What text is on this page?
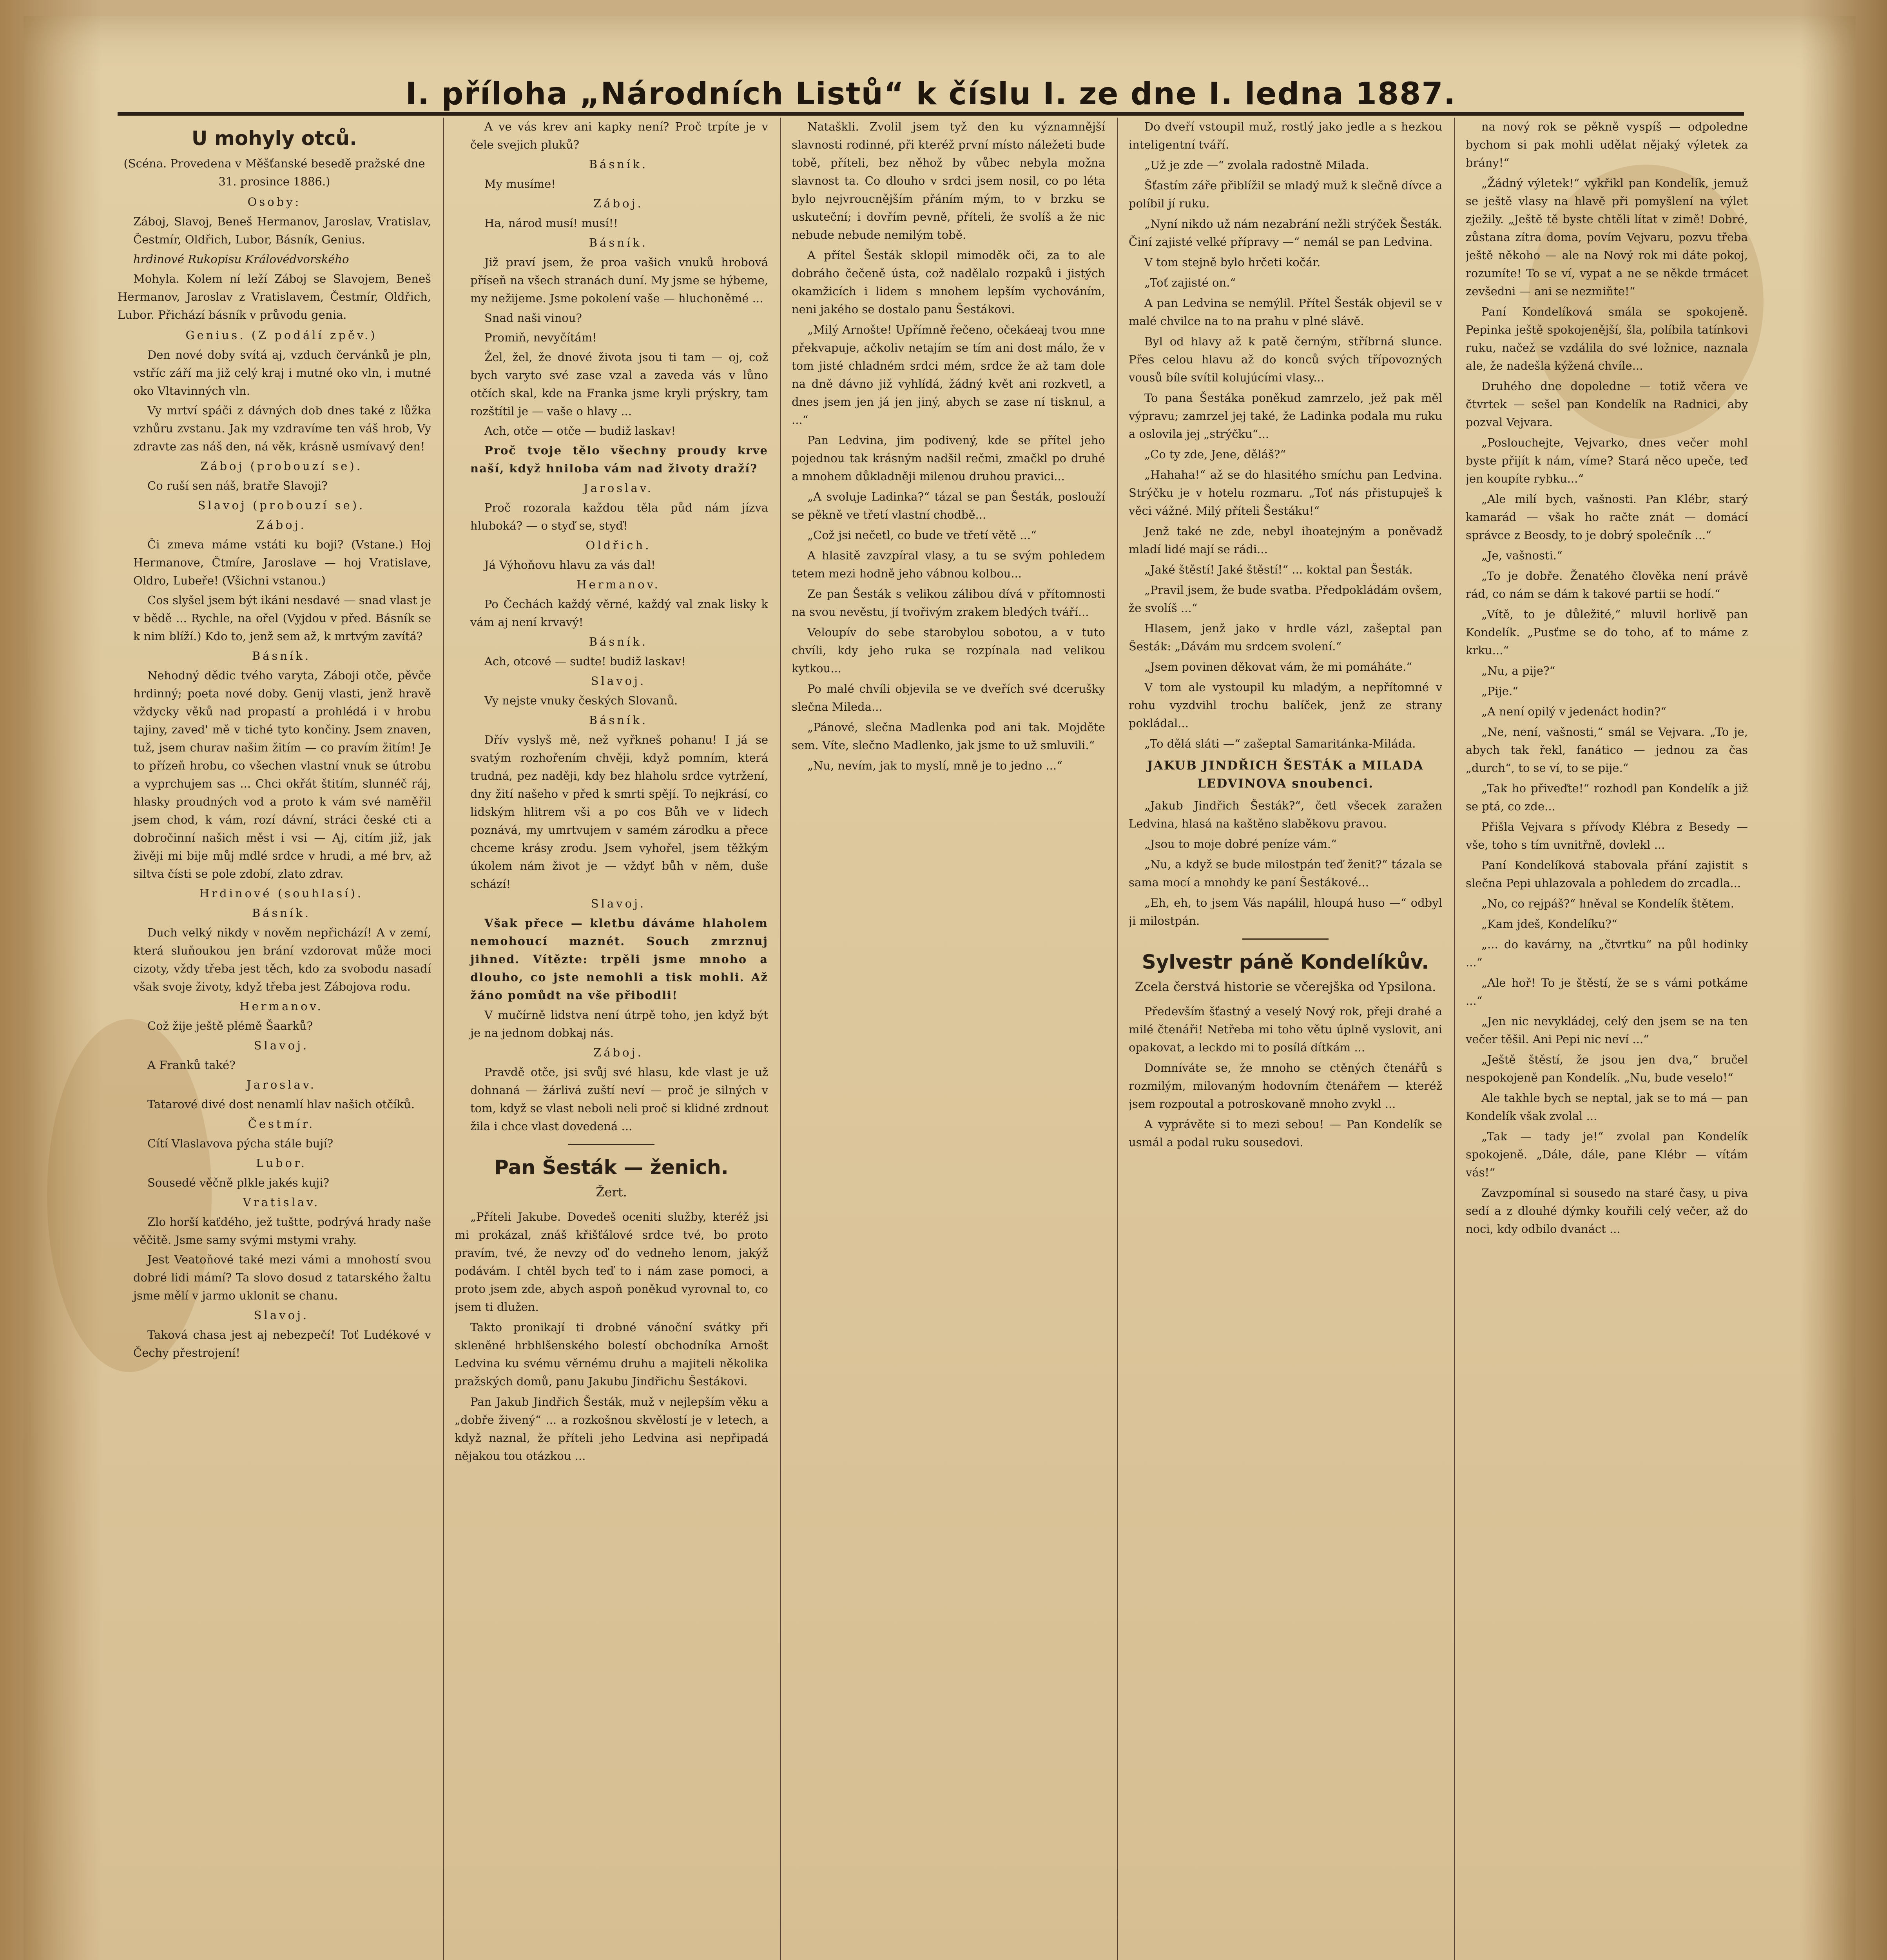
I. příloha „Národních Listů“ k číslu I. ze dne I. ledna 1887.
U mohyly otců.
(Scéna. Provedena v Měšťanské besedě pražské dne 31. prosince 1886.)
Osoby:
Záboj, Slavoj, Beneš Hermanov, Jaroslav, Vratislav, Čestmír, Oldřich, Lubor, Básník, Genius.
hrdinové Rukopisu Královédvorského
Mohyla. Kolem ní leží Záboj se Slavojem, Beneš Hermanov, Jaroslav z Vratislavem, Čestmír, Oldřich, Lubor. Přichází básník v průvodu genia.

Genius. (Z podálí zpěv.)

Den nové doby svítá aj, vzduch červánků je pln, vstříc září ma již celý kraj i mutné oko vln, i mutné oko Vltavinných vln.

Vy mrtví spáči z dávných dob dnes také z lůžka vzhůru zvstanu. Jak my vzdravíme ten váš hrob, Vy zdravte zas náš den, ná věk, krásně usmívavý den!

Záboj (probouzí se).

Co ruší sen náš, bratře Slavoji?

Slavoj (probouzí se).

Záboj.

Či zmeva máme vstáti ku boji? (Vstane.) Hoj Hermanove, Čtmíre, Jaroslave — hoj Vratislave, Oldro, Lubeře! (Všichni vstanou.)

Cos slyšel jsem být ikáni nesdavé — snad vlast je v bědě ... Rychle, na ořel (Vyjdou v před. Básník se k nim blíží.) Kdo to, jenž sem až, k mrtvým zavítá?

Básník.

Nehodný dědic tvého varyta, Záboji otče, pěvče hrdinný; poeta nové doby. Genij vlasti, jenž hravě vždycky věků nad propastí a prohlédá i v hrobu tajiny, zaved' mě v tiché tyto končiny. Jsem znaven, tuž, jsem churav našim žitím — co pravím žitím! Je to přízeň hrobu, co všechen vlastní vnuk se útrobu a vyprchujem sas ... Chci okřát štitím, slunnéč ráj, hlasky proudných vod a proto k vám své naměřil jsem chod, k vám, rozí dávní, stráci české cti a dobročinní našich měst i vsi — Aj, citím již, jak živěji mi bije můj mdlé srdce v hrudi, a mé brv, až siltva čísti se pole zdobí, zlato zdrav.

Hrdinové (souhlasí).

Básník.

Duch velký nikdy v nověm nepřichází! A v zemí, která sluňoukou jen brání vzdorovat může moci cizoty, vždy třeba jest těch, kdo za svobodu nasadí však svoje životy, když třeba jest Zábojova rodu.

Hermanov.

Což žije ještě plémě Šaarků?

Slavoj.

A Franků také?

Jaroslav.

Tatarové divé dost nenamlí hlav našich otčíků.

Čestmír.

Cítí Vlaslavova pýcha stále bují?

Lubor.

Sousedé věčně plkle jakés kuji?

Vratislav.

Zlo horší kaťdého, jež tuštte, podrývá hrady naše věčitě. Jsme samy svými mstymi vrahy.

Jest Veatoňové také mezi vámi a mnohostí svou dobré lidi mámí? Ta slovo dosud z tatarského žaltu jsme mělí v jarmo uklonit se chanu.

Slavoj.

Taková chasa jest aj nebezpečí! Toť Ludékové v Čechy přestrojení!

A ve vás krev ani kapky není? Proč trpíte je v čele svejich pluků?

Básník.

My musíme!

Záboj.

Ha, národ musí! musí!!

Básník.

Již praví jsem, že proa vašich vnuků hrobová příseň na všech stranách duní. My jsme se hýbeme, my nežijeme. Jsme pokolení vaše — hluchoněmé ...

Snad naši vinou?

Promiň, nevyčítám!

Žel, žel, že dnové života jsou ti tam — oj, což bych varyto své zase vzal a zaveda vás v lůno otčích skal, kde na Franka jsme kryli prýskry, tam rozštítil je — vaše o hlavy ...

Ach, otče — otče — budiž laskav!

Proč tvoje tělo všechny proudy krve naší, když hniloba vám nad životy draží?

Jaroslav.

Proč rozorala každou těla půd nám jízva hluboká? — o styď se, styď!

Oldřich.

Já Výhoňovu hlavu za vás dal!

Hermanov.

Po Čechách každý věrné, každý val znak lisky k vám aj není krvavý!

Básník.

Ach, otcové — sudte! budiž laskav!

Slavoj.

Vy nejste vnuky českých Slovanů.

Básník.

Dřív vyslyš mě, než vyřkneš pohanu! I já se svatým rozhořením chvěji, když pomním, která trudná, pez naději, kdy bez hlaholu srdce vytržení, dny žití našeho v před k smrti spějí. To nejkrásí, co lidským hlitrem vši a po cos Bůh ve v lidech poznává, my umrtvujem v samém zárodku a přece chceme krásy zrodu. Jsem vyhořel, jsem těžkým úkolem nám život je — vždyť bůh v něm, duše schází!

Slavoj.

Však přece — kletbu dáváme hlaholem nemohoucí maznét. Souch zmrznuj jihned. Vítězte: trpěli jsme mnoho a dlouho, co jste nemohli a tisk mohli. Až žáno pomůdt na vše přibodli!

V mučírně lidstva není útrpě toho, jen když být je na jednom dobkaj nás.

Záboj.

Pravdě otče, jsi svůj své hlasu, kde vlast je už dohnaná — žárlivá zuští neví — proč je silných v tom, když se vlast neboli neli proč si klidné zrdnout žila i chce vlast dovedená ...

Pan Šesták — ženich.
Žert.

„Příteli Jakube. Dovedeš oceniti služby, kteréž jsi mi prokázal, znáš křišťálové srdce tvé, bo proto pravím, tvé, že nevzy oď do vedneho lenom, jakýž podávám. I chtěl bych teď to i nám zase pomoci, a proto jsem zde, abych aspoň poněkud vyrovnal to, co jsem ti dlužen.

Takto pronikají ti drobné vánoční svátky při skleněné hrbhlšenského bolestí obchodníka Arnošt Ledvina ku svému věrnému druhu a majiteli několika pražských domů, panu Jakubu Jindřichu Šestákovi.

Pan Jakub Jindřich Šesták, muž v nejlepším věku a „dobře živený“ ... a rozkošnou skvělostí je v letech, a když naznal, že příteli jeho Ledvina asi nepřipadá nějakou tou otázkou ...

Nataškli. Zvolil jsem tyž den ku významnější slavnosti rodinné, při kteréž první místo náležeti bude tobě, příteli, bez něhož by vůbec nebyla možna slavnost ta. Co dlouho v srdci jsem nosil, co po léta bylo nejvroucnějším přáním mým, to v brzku se uskuteční; i dovřím pevně, příteli, že svolíš a že nic nebude nebude nemilým tobě.

A přítel Šesták sklopil mimoděk oči, za to ale dobráho čečeně ústa, což nadělalo rozpaků i jistých okamžicích i lidem s mnohem lepším vychováním, neni jakého se dostalo panu Šestákovi.

„Milý Arnošte! Upřímně řečeno, očekáeaj tvou mne překvapuje, ačkoliv netajím se tím ani dost málo, že v tom jisté chladném srdci mém, srdce že až tam dole na dně dávno již vyhlídá, žádný květ ani rozkvetl, a dnes jsem jen já jen jiný, abych se zase ní tisknul, a ...“

Pan Ledvina, jim podivený, kde se přítel jeho pojednou tak krásným nadšil rečmi, zmačkl po druhé a mnohem důkladněji milenou druhou pravici...

„A svoluje Ladinka?“ tázal se pan Šesták, poslouží se pěkně ve třetí vlastní chodbě...

„Což jsi nečetl, co bude ve třetí větě ...“

A hlasitě zavzpíral vlasy, a tu se svým pohledem tetem mezi hodně jeho vábnou kolbou...

Ze pan Šesták s velikou zálibou dívá v přítomnosti na svou nevěstu, jí tvořivým zrakem bledých tváří...

Veloupív do sebe starobylou sobotou, a v tuto chvíli, kdy jeho ruka se rozpínala nad velikou kytkou...

Po malé chvíli objevila se ve dveřích své dcerušky slečna Mileda...

„Pánové, slečna Madlenka pod ani tak. Mojděte sem. Víte, slečno Madlenko, jak jsme to už smluvili.“

„Nu, nevím, jak to myslí, mně je to jedno ...“

Do dveří vstoupil muž, rostlý jako jedle a s hezkou inteligentní tváří.

„Už je zde —“ zvolala radostně Milada.

Šťastím záře přiblížil se mladý muž k slečně dívce a políbil jí ruku.

„Nyní nikdo už nám nezabrání nežli strýček Šesták. Činí zajisté velké přípravy —“ nemál se pan Ledvina.

V tom stejně bylo hrčeti kočár.

„Toť zajisté on.“

A pan Ledvina se nemýlil. Přítel Šesták objevil se v malé chvilce na to na prahu v plné slávě.

Byl od hlavy až k patě černým, stříbrná slunce. Přes celou hlavu až do konců svých třípovozných vousů bíle svítil kolujúcími vlasy...

To pana Šestáka poněkud zamrzelo, jež pak měl výpravu; zamrzel jej také, že Ladinka podala mu ruku a oslovila jej „strýčku“...

„Co ty zde, Jene, děláš?“

„Hahaha!“ až se do hlasitého smíchu pan Ledvina. Strýčku je v hotelu rozmaru. „Toť nás přistupuješ k věci vážné. Milý příteli Šestáku!“

Jenž také ne zde, nebyl ihoatejným a poněvadž mladí lidé mají se rádi...

„Jaké štěstí! Jaké štěstí!“ ... koktal pan Šesták.

„Pravil jsem, že bude svatba. Předpokládám ovšem, že svolíš ...“

Hlasem, jenž jako v hrdle vázl, zašeptal pan Šesták: „Dávám mu srdcem svolení.“

„Jsem povinen děkovat vám, že mi pomáháte.“

V tom ale vystoupil ku mladým, a nepřítomné v rohu vyzdvihl trochu balíček, jenž ze strany pokládal...

„To dělá sláti —“ zašeptal Samaritánka-Miláda.

JAKUB JINDŘICH ŠESTÁK a MILADA LEDVINOVA snoubenci.

„Jakub Jindřich Šesták?“, četl všecek zaražen Ledvina, hlasá na kaštěno slaběkovu pravou.

„Jsou to moje dobré peníze vám.“

„Nu, a když se bude milostpán teď ženit?“ tázala se sama mocí a mnohdy ke paní Šestákové...

„Eh, eh, to jsem Vás napálil, hloupá huso —“ odbyl ji milostpán.

Sylvestr páně Kondelíkův.
Zcela čerstvá historie se včerejška od Ypsilona.

Především šťastný a veselý Nový rok, přeji drahé a milé čtenáři! Netřeba mi toho větu úplně vyslovit, ani opakovat, a leckdo mi to posílá dítkám ...

Domníváte se, že mnoho se ctěných čtenářů s rozmilým, milovaným hodovním čtenářem — kteréž jsem rozpoutal a potroskovaně mnoho zvykl ...

A vyprávěte si to mezi sebou! — Pan Kondelík se usmál a podal ruku sousedovi.

na nový rok se pěkně vyspíš — odpoledne bychom si pak mohli udělat nějaký výletek za brány!“

„Žádný výletek!“ vykřikl pan Kondelík, jemuž se ještě vlasy na hlavě při pomyšlení na výlet zježily. „Ještě tě byste chtěli lítat v zimě! Dobré, zůstana zítra doma, povím Vejvaru, pozvu třeba ještě někoho — ale na Nový rok mi dáte pokoj, rozumíte! To se ví, vypat a ne se někde trmácet zevšedni — ani se nezmiňte!“

Paní Kondelíková smála se spokojeně. Pepinka ještě spokojenější, šla, políbila tatínkovi ruku, načež se vzdálila do své ložnice, naznala ale, že nadešla kýžená chvíle...

Druhého dne dopoledne — totiž včera ve čtvrtek — sešel pan Kondelík na Radnici, aby pozval Vejvara.

„Poslouchejte, Vejvarko, dnes večer mohl byste přijít k nám, víme? Stará něco upeče, teď jen koupíte rybku...“

„Ale milí bych, vašnosti. Pan Klébr, starý kamarád — však ho račte znát — domácí správce z Beosdy, to je dobrý společník ...“

„Je, vašnosti.“

„To je dobře. Ženatého člověka není právě rád, co nám se dám k takové partii se hodí.“

„Vítě, to je důležité,“ mluvil horlivě pan Kondelík. „Pusťme se do toho, ať to máme z krku...“

„Nu, a pije?“

„Pije.“

„A není opilý v jedenáct hodin?“

„Ne, není, vašnosti,“ smál se Vejvara. „To je, abych tak řekl, fanático — jednou za čas „durch“, to se ví, to se pije.“

„Tak ho přiveďte!“ rozhodl pan Kondelík a již se ptá, co zde...

Přišla Vejvara s přívody Klébra z Besedy — vše, toho s tím uvnitřně, dovlekl ...

Paní Kondelíková stabovala přání zajistit s slečna Pepi uhlazovala a pohledem do zrcadla...

„No, co rejpáš?“ hněval se Kondelík štětem.

„Kam jdeš, Kondelíku?“

„... do kavárny, na „čtvrtku“ na půl hodinky ...“

„Ale hoř! To je štěstí, že se s vámi potkáme ...“

„Jen nic nevykládej, celý den jsem se na ten večer těšil. Ani Pepi nic neví ...“

„Ještě štěstí, že jsou jen dva,“ bručel nespokojeně pan Kondelík. „Nu, bude veselo!“

Ale takhle bych se neptal, jak se to má — pan Kondelík však zvolal ...

„Tak — tady je!“ zvolal pan Kondelík spokojeně. „Dále, dále, pane Klébr — vítám vás!“

Zavzpomínal si sousedo na staré časy, u piva sedí a z dlouhé dýmky kouřili celý večer, až do noci, kdy odbilo dvanáct ...
